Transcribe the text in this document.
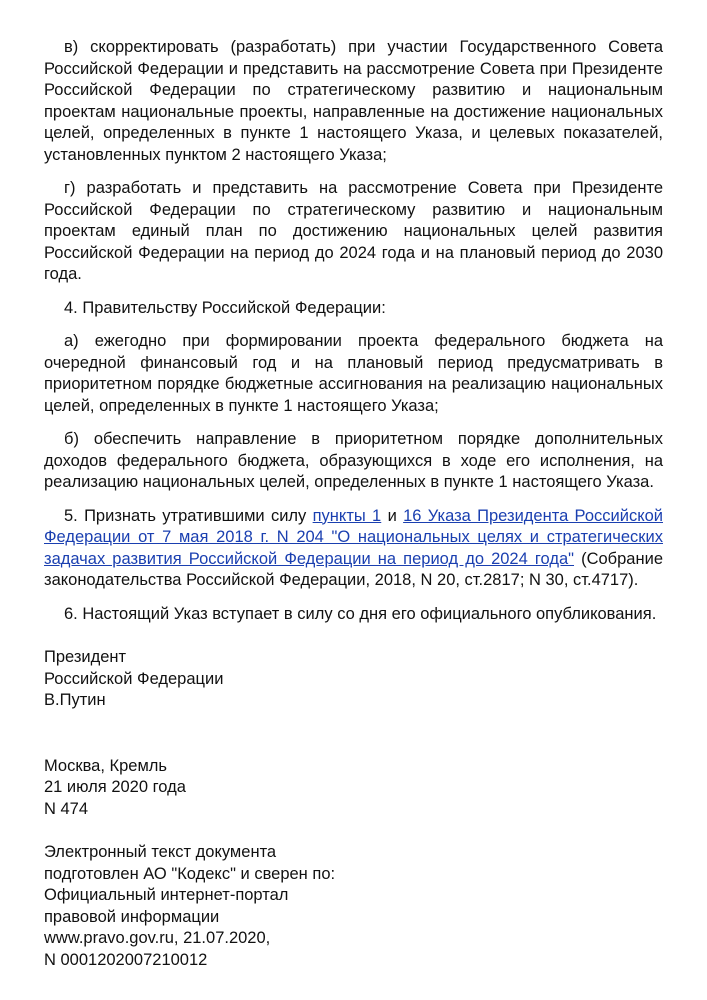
в) скорректировать (разработать) при участии Государственного Совета Российской Федерации и представить на рассмотрение Совета при Президенте Российской Федерации по стратегическому развитию и национальным проектам национальные проекты, направленные на достижение национальных целей, определенных в пункте 1 настоящего Указа, и целевых показателей, установленных пунктом 2 настоящего Указа;

г) разработать и представить на рассмотрение Совета при Президенте Российской Федерации по стратегическому развитию и национальным проектам единый план по достижению национальных целей развития Российской Федерации на период до 2024 года и на плановый период до 2030 года.

4. Правительству Российской Федерации:

а) ежегодно при формировании проекта федерального бюджета на очередной финансовый год и на плановый период предусматривать в приоритетном порядке бюджетные ассигнования на реализацию национальных целей, определенных в пункте 1 настоящего Указа;

б) обеспечить направление в приоритетном порядке дополнительных доходов федерального бюджета, образующихся в ходе его исполнения, на реализацию национальных целей, определенных в пункте 1 настоящего Указа.

5. Признать утратившими силу пункты 1 и 16 Указа Президента Российской Федерации от 7 мая 2018 г. N 204 "О национальных целях и стратегических задачах развития Российской Федерации на период до 2024 года" (Собрание законодательства Российской Федерации, 2018, N 20, ст.2817; N 30, ст.4717).

6. Настоящий Указ вступает в силу со дня его официального опубликования.

Президент
Российской Федерации
В.Путин
Москва, Кремль
21 июля 2020 года
N 474
Электронный текст документа
подготовлен АО "Кодекс" и сверен по:
Официальный интернет-портал
правовой информации
www.pravo.gov.ru, 21.07.2020,
N 0001202007210012
